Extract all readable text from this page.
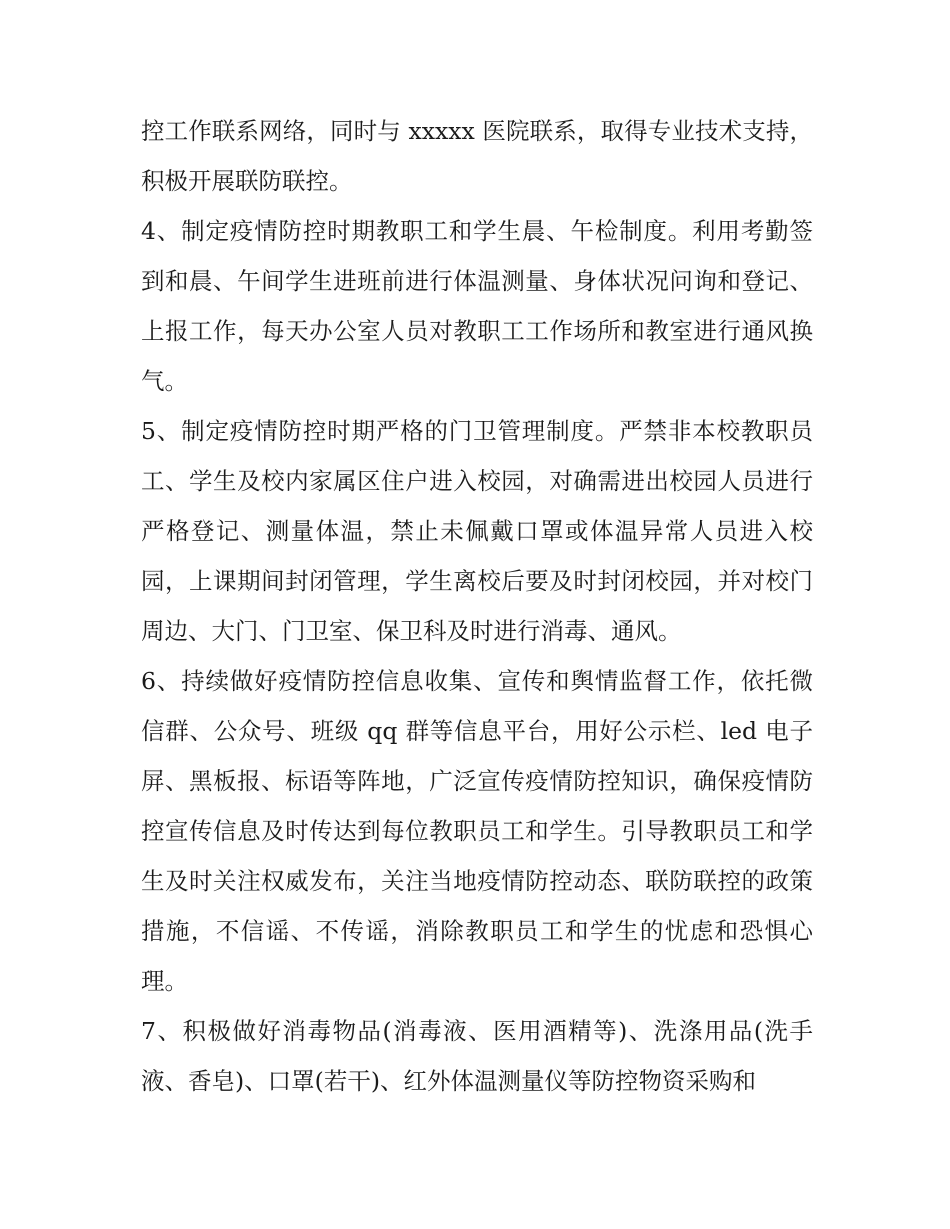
控工作联系网络，同时与 xxxxx 医院联系，取得专业技术支持，积极开展联防联控。

4、制定疫情防控时期教职工和学生晨、午检制度。利用考勤签到和晨、午间学生进班前进行体温测量、身体状况问询和登记、上报工作，每天办公室人员对教职工工作场所和教室进行通风换气。

5、制定疫情防控时期严格的门卫管理制度。严禁非本校教职员工、学生及校内家属区住户进入校园，对确需进出校园人员进行严格登记、测量体温，禁止未佩戴口罩或体温异常人员进入校园，上课期间封闭管理，学生离校后要及时封闭校园，并对校门周边、大门、门卫室、保卫科及时进行消毒、通风。

6、持续做好疫情防控信息收集、宣传和舆情监督工作，依托微信群、公众号、班级 qq 群等信息平台，用好公示栏、led 电子屏、黑板报、标语等阵地，广泛宣传疫情防控知识，确保疫情防控宣传信息及时传达到每位教职员工和学生。引导教职员工和学生及时关注权威发布，关注当地疫情防控动态、联防联控的政策措施，不信谣、不传谣，消除教职员工和学生的忧虑和恐惧心理。

7、积极做好消毒物品(消毒液、医用酒精等)、洗涤用品(洗手液、香皂)、口罩(若干)、红外体温测量仪等防控物资采购和
